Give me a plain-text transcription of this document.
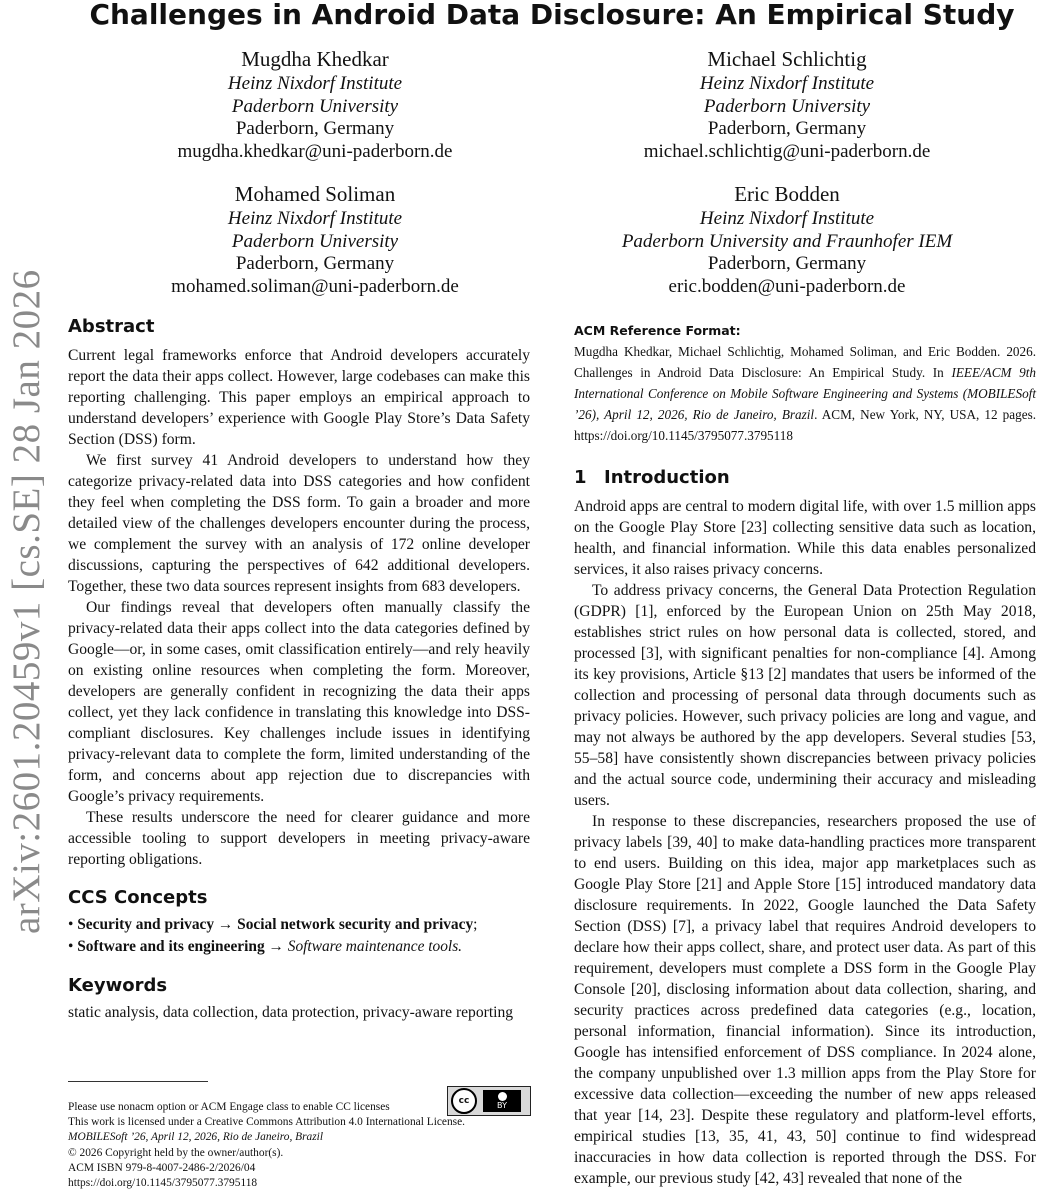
Challenges in Android Data Disclosure: An Empirical Study
arXiv:2601.20459v1 [cs.SE] 28 Jan 2026
Mugdha Khedkar
Heinz Nixdorf Institute
Paderborn University
Paderborn, Germany
mugdha.khedkar@uni-paderborn.de
Michael Schlichtig
Heinz Nixdorf Institute
Paderborn University
Paderborn, Germany
michael.schlichtig@uni-paderborn.de
Mohamed Soliman
Heinz Nixdorf Institute
Paderborn University
Paderborn, Germany
mohamed.soliman@uni-paderborn.de
Eric Bodden
Heinz Nixdorf Institute
Paderborn University and Fraunhofer IEM
Paderborn, Germany
eric.bodden@uni-paderborn.de
Abstract

Current legal frameworks enforce that Android developers accurately report the data their apps collect. However, large codebases can make this reporting challenging. This paper employs an empirical approach to understand developers’ experience with Google Play Store’s Data Safety Section (DSS) form.

We first survey 41 Android developers to understand how they categorize privacy-related data into DSS categories and how confident they feel when completing the DSS form. To gain a broader and more detailed view of the challenges developers encounter during the process, we complement the survey with an analysis of 172 online developer discussions, capturing the perspectives of 642 additional developers. Together, these two data sources represent insights from 683 developers.

Our findings reveal that developers often manually classify the privacy-related data their apps collect into the data categories defined by Google—or, in some cases, omit classification entirely—and rely heavily on existing online resources when completing the form. Moreover, developers are generally confident in recognizing the data their apps collect, yet they lack confidence in translating this knowledge into DSS-compliant disclosures. Key challenges include issues in identifying privacy-relevant data to complete the form, limited understanding of the form, and concerns about app rejection due to discrepancies with Google’s privacy requirements.

These results underscore the need for clearer guidance and more accessible tooling to support developers in meeting privacy-aware reporting obligations.

CCS Concepts
• Security and privacy → Social network security and privacy;
• Software and its engineering → Software maintenance tools.
Keywords

static analysis, data collection, data protection, privacy-aware reporting

cc	BY
Please use nonacm option or ACM Engage class to enable CC licenses
This work is licensed under a Creative Commons Attribution 4.0 International License.
MOBILESoft ’26, April 12, 2026, Rio de Janeiro, Brazil
© 2026 Copyright held by the owner/author(s).
ACM ISBN 979-8-4007-2486-2/2026/04
https://doi.org/10.1145/3795077.3795118
ACM Reference Format:
Mugdha Khedkar, Michael Schlichtig, Mohamed Soliman, and Eric Bodden. 2026. Challenges in Android Data Disclosure: An Empirical Study. In IEEE/ACM 9th International Conference on Mobile Software Engineering and Systems (MOBILESoft ’26), April 12, 2026, Rio de Janeiro, Brazil. ACM, New York, NY, USA, 12 pages. https://doi.org/10.1145/3795077.3795118
1 Introduction

Android apps are central to modern digital life, with over 1.5 million apps on the Google Play Store [23] collecting sensitive data such as location, health, and financial information. While this data enables personalized services, it also raises privacy concerns.

To address privacy concerns, the General Data Protection Regulation (GDPR) [1], enforced by the European Union on 25th May 2018, establishes strict rules on how personal data is collected, stored, and processed [3], with significant penalties for non-compliance [4]. Among its key provisions, Article §13 [2] mandates that users be informed of the collection and processing of personal data through documents such as privacy policies. However, such privacy policies are long and vague, and may not always be authored by the app developers. Several studies [53, 55–58] have consistently shown discrepancies between privacy policies and the actual source code, undermining their accuracy and misleading users.

In response to these discrepancies, researchers proposed the use of privacy labels [39, 40] to make data-handling practices more transparent to end users. Building on this idea, major app marketplaces such as Google Play Store [21] and Apple Store [15] introduced mandatory data disclosure requirements. In 2022, Google launched the Data Safety Section (DSS) [7], a privacy label that requires Android developers to declare how their apps collect, share, and protect user data. As part of this requirement, developers must complete a DSS form in the Google Play Console [20], disclosing information about data collection, sharing, and security practices across predefined data categories (e.g., location, personal information, financial information). Since its introduction, Google has intensified enforcement of DSS compliance. In 2024 alone, the company unpublished over 1.3 million apps from the Play Store for excessive data collection—exceeding the number of new apps released that year [14, 23]. Despite these regulatory and platform-level efforts, empirical studies [13, 35, 41, 43, 50] continue to find widespread inaccuracies in how data collection is reported through the DSS. For example, our previous study [42, 43] revealed that none of the
